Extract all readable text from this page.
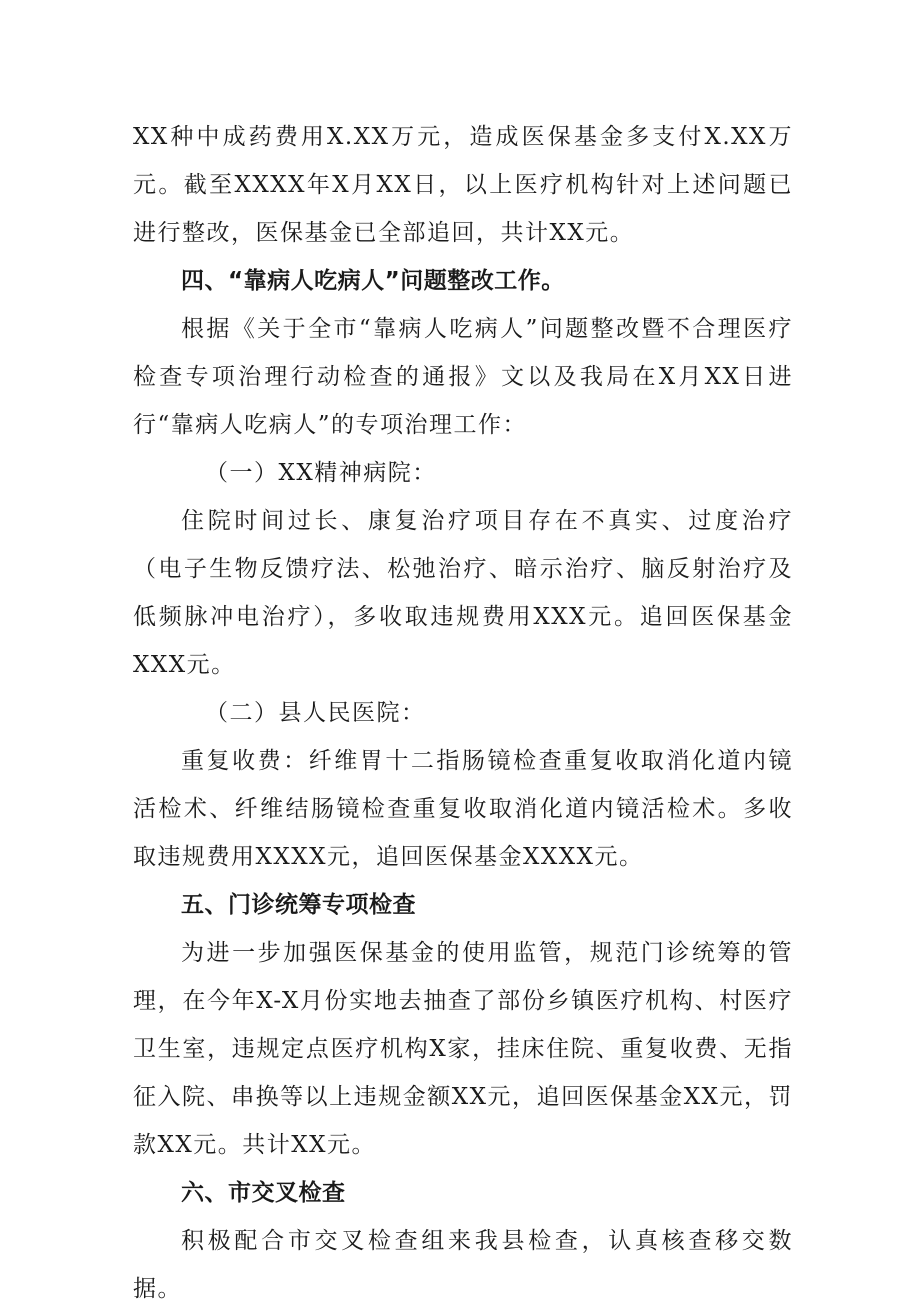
XX种中成药费用X.XX万元，造成医保基金多支付X.XX万元。截至XXXX年X月XX日，以上医疗机构针对上述问题已进行整改，医保基金已全部追回，共计XX元。

四、“靠病人吃病人”问题整改工作。

根据《关于全市“靠病人吃病人”问题整改暨不合理医疗检查专项治理行动检查的通报》文以及我局在X月XX日进行“靠病人吃病人”的专项治理工作：

（一）XX精神病院：

住院时间过长、康复治疗项目存在不真实、过度治疗（电子生物反馈疗法、松弛治疗、暗示治疗、脑反射治疗及低频脉冲电治疗），多收取违规费用XXX元。追回医保基金XXX元。

（二）县人民医院：

重复收费：纤维胃十二指肠镜检查重复收取消化道内镜活检术、纤维结肠镜检查重复收取消化道内镜活检术。多收取违规费用XXXX元，追回医保基金XXXX元。

五、门诊统筹专项检查

为进一步加强医保基金的使用监管，规范门诊统筹的管理，在今年X-X月份实地去抽查了部份乡镇医疗机构、村医疗卫生室，违规定点医疗机构X家，挂床住院、重复收费、无指征入院、串换等以上违规金额XX元，追回医保基金XX元，罚款XX元。共计XX元。

六、市交叉检查

积极配合市交叉检查组来我县检查，认真核查移交数据。
